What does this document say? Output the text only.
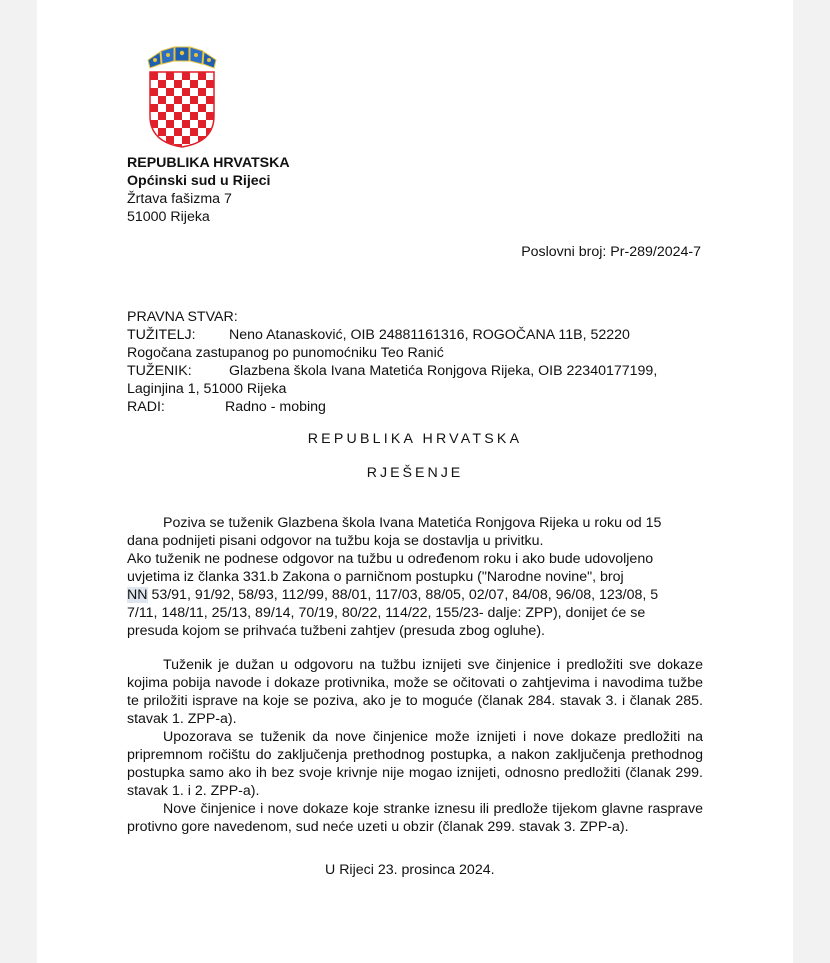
REPUBLIKA HRVATSKA
Općinski sud u Rijeci
Žrtava fašizma 7
51000 Rijeka
Poslovni broj: Pr-289/2024-7
PRAVNA STVAR:
TUŽITELJ: Neno Atanasković, OIB 24881161316, ROGOČANA 11B, 52220
Rogočana zastupanog po punomoćniku Teo Ranić
TUŽENIK:	Glazbena škola Ivana Matetića Ronjgova Rijeka, OIB 22340177199,
Laginjina 1, 51000 Rijeka
RADI:	Radno - mobing
REPUBLIKA HRVATSKA
RJEŠENJE

Poziva se tuženik Glazbena škola Ivana Matetića Ronjgova Rijeka u roku od 15
dana podnijeti pisani odgovor na tužbu koja se dostavlja u privitku.
Ako tuženik ne podnese odgovor na tužbu u određenom roku i ako bude udovoljeno
uvjetima iz članka 331.b Zakona o parničnom postupku ("Narodne novine", broj
NN 53/91, 91/92, 58/93, 112/99, 88/01, 117/03, 88/05, 02/07, 84/08, 96/08, 123/08, 5
7/11, 148/11, 25/13, 89/14, 70/19, 80/22, 114/22, 155/23- dalje: ZPP), donijet će se
presuda kojom se prihvaća tužbeni zahtjev (presuda zbog ogluhe).

Tuženik je dužan u odgovoru na tužbu iznijeti sve činjenice i predložiti sve dokaze kojima pobija navode i dokaze protivnika, može se očitovati o zahtjevima i navodima tužbe te priložiti isprave na koje se poziva, ako je to moguće (članak 284. stavak 3. i članak 285. stavak 1. ZPP-a).

Upozorava se tuženik da nove činjenice može iznijeti i nove dokaze predložiti na pripremnom ročištu do zaključenja prethodnog postupka, a nakon zaključenja prethodnog postupka samo ako ih bez svoje krivnje nije mogao iznijeti, odnosno predložiti (članak 299. stavak 1. i 2. ZPP-a).

Nove činjenice i nove dokaze koje stranke iznesu ili predlože tijekom glavne rasprave protivno gore navedenom, sud neće uzeti u obzir (članak 299. stavak 3. ZPP-a).

U Rijeci 23. prosinca 2024.
